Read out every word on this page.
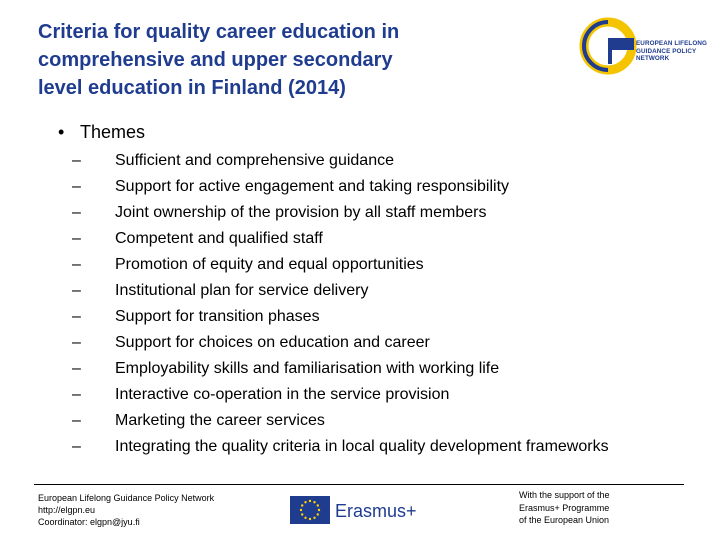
Criteria for quality career education in
comprehensive and upper secondary
level education in Finland (2014)
EUROPEAN LIFELONG
GUIDANCE POLICY
NETWORK
• Themes
– Sufficient and comprehensive guidance
– Support for active engagement and taking responsibility
– Joint ownership of the provision by all staff members
– Competent and qualified staff
– Promotion of equity and equal opportunities
– Institutional plan for service delivery
– Support for transition phases
– Support for choices on education and career
– Employability skills and familiarisation with working life
– Interactive co-operation in the service provision
– Marketing the career services
– Integrating the quality criteria in local quality development frameworks
European Lifelong Guidance Policy Network
http://elgpn.eu
Coordinator: elgpn@jyu.fi
Erasmus+
With the support of the
Erasmus+ Programme
of the European Union
